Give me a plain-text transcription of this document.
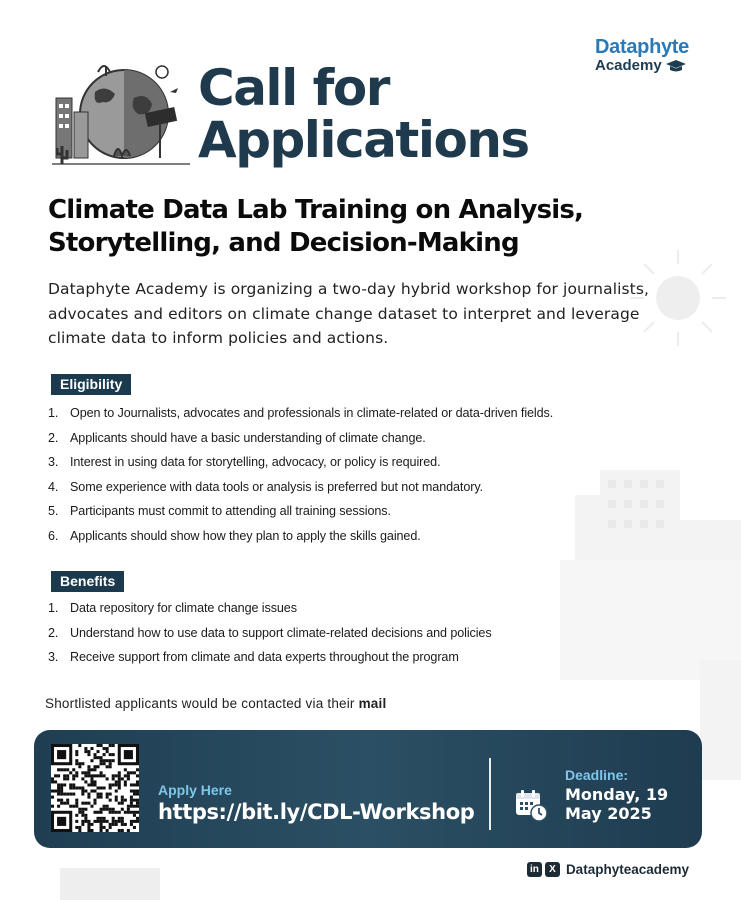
Dataphyte
Academy
Call for
Applications
Climate Data Lab Training on Analysis,
Storytelling, and Decision-Making
Dataphyte Academy is organizing a two-day hybrid workshop for journalists, advocates and editors on climate change dataset to interpret and leverage climate data to inform policies and actions.
Eligibility
1. Open to Journalists, advocates and professionals in climate-related or data-driven fields.
2. Applicants should have a basic understanding of climate change.
3. Interest in using data for storytelling, advocacy, or policy is required.
4. Some experience with data tools or analysis is preferred but not mandatory.
5. Participants must commit to attending all training sessions.
6. Applicants should show how they plan to apply the skills gained.
Benefits
1. Data repository for climate change issues
2. Understand how to use data to support climate-related decisions and policies
3. Receive support from climate and data experts throughout the program
Shortlisted applicants would be contacted via their mail
Apply Here
https://bit.ly/CDL-Workshop
Deadline:
Monday, 19
May 2025
in	X Dataphyteacademy
